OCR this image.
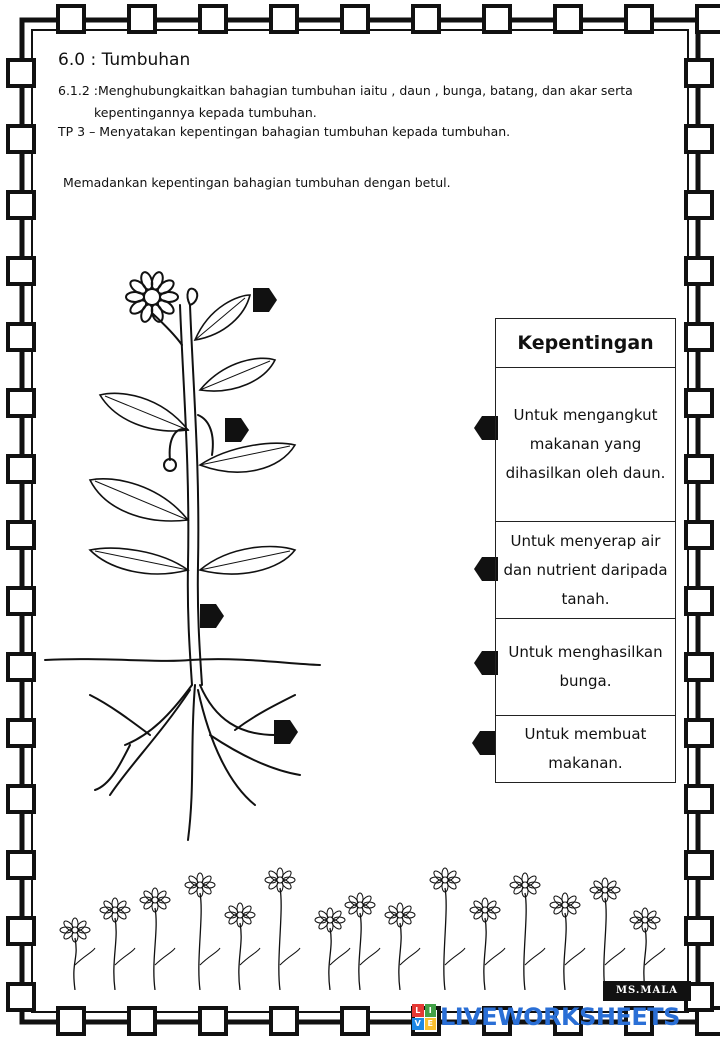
6.0 : Tumbuhan
6.1.2 :Menghubungkaitkan bahagian tumbuhan iaitu , daun , bunga, batang, dan akar serta
kepentingannya kepada tumbuhan.
TP 3 – Menyatakan kepentingan bahagian tumbuhan kepada tumbuhan.
Memadankan kepentingan bahagian tumbuhan dengan betul.
Kepentingan
Untuk mengangkut makanan yang dihasilkan oleh daun.
Untuk menyerap air dan nutrient daripada tanah.
Untuk menghasilkan bunga.
Untuk membuat makanan.
MS.MALA
L	I
V E LIVEWORKSHEETS
